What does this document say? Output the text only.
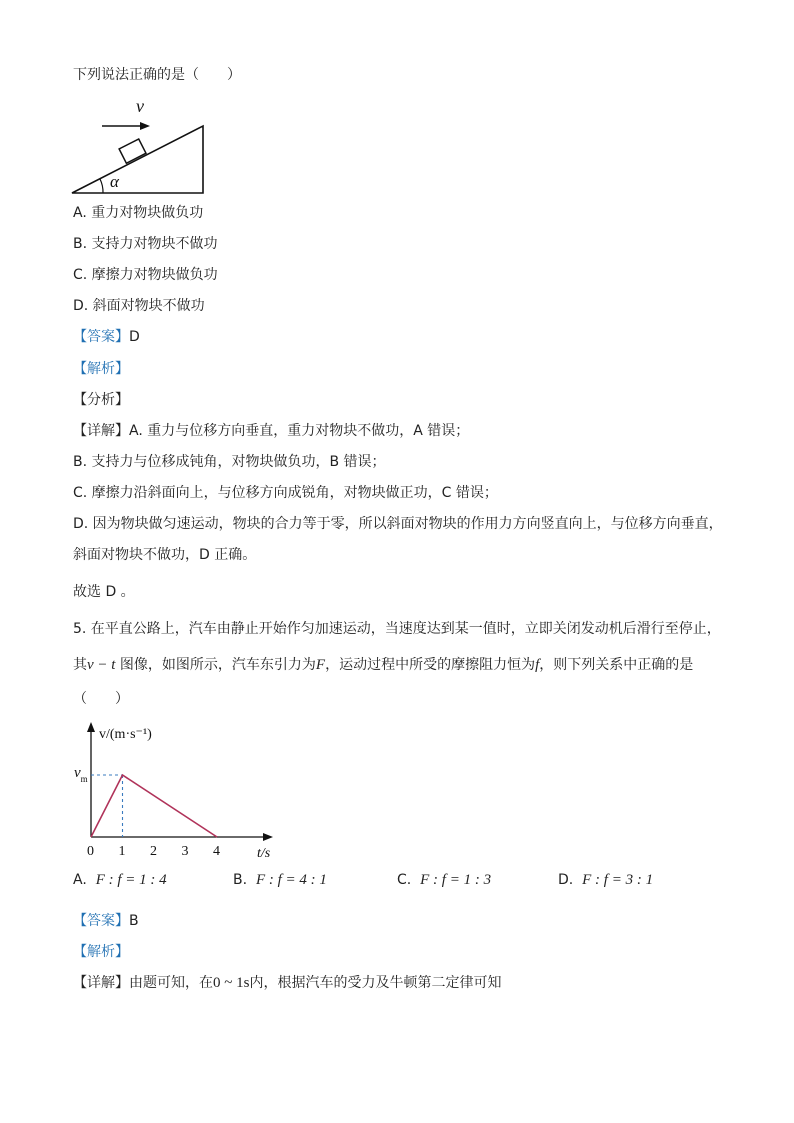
下列说法正确的是（　　）
v
α
A. 重力对物块做负功
B. 支持力对物块不做功
C. 摩擦力对物块做负功
D. 斜面对物块不做功
【答案】D
【解析】
【分析】
【详解】A. 重力与位移方向垂直，重力对物块不做功，A 错误；
B. 支持力与位移成钝角，对物块做负功，B 错误；
C. 摩擦力沿斜面向上，与位移方向成锐角，对物块做正功，C 错误；
D. 因为物块做匀速运动，物块的合力等于零，所以斜面对物块的作用力方向竖直向上，与位移方向垂直，
斜面对物块不做功，D 正确。
故选 D 。
5. 在平直公路上，汽车由静止开始作匀加速运动，当速度达到某一值时，立即关闭发动机后滑行至停止，
其v − t 图像，如图所示，汽车东引力为F，运动过程中所受的摩擦阻力恒为f，则下列关系中正确的是
（　　）
v/(m·s⁻¹)
t/s
0 1 2 3 4
$v_m$
A. F : f = 1 : 4	B. F : f = 4 : 1	C. F : f = 1 : 3	D. F : f = 3 : 1
【答案】B
【解析】
【详解】由题可知，在0 ~ 1s内，根据汽车的受力及牛顿第二定律可知
